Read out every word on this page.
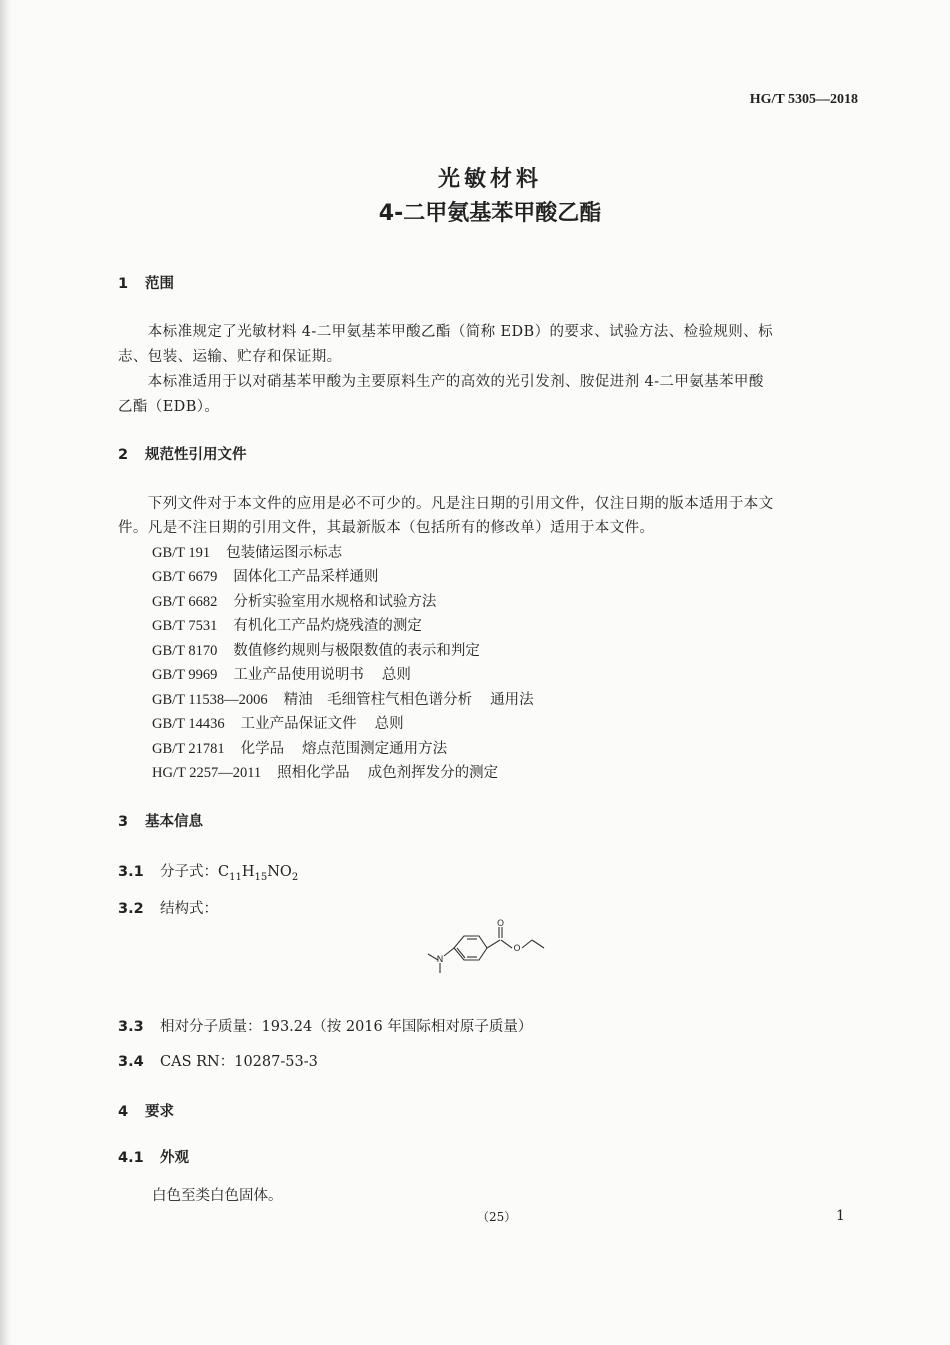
HG/T 5305—2018
光敏材料
4-二甲氨基苯甲酸乙酯
1 范围
　　本标准规定了光敏材料 4-二甲氨基苯甲酸乙酯（简称 EDB）的要求、试验方法、检验规则、标
志、包装、运输、贮存和保证期。
　　本标准适用于以对硝基苯甲酸为主要原料生产的高效的光引发剂、胺促进剂 4-二甲氨基苯甲酸
乙酯（EDB）。
2 规范性引用文件
　　下列文件对于本文件的应用是必不可少的。凡是注日期的引用文件，仅注日期的版本适用于本文
件。凡是不注日期的引用文件，其最新版本（包括所有的修改单）适用于本文件。
GB/T 191 包装储运图示标志
GB/T 6679 固体化工产品采样通则
GB/T 6682 分析实验室用水规格和试验方法
GB/T 7531 有机化工产品灼烧残渣的测定
GB/T 8170 数值修约规则与极限数值的表示和判定
GB/T 9969 工业产品使用说明书 总则
GB/T 11538—2006 精油　毛细管柱气相色谱分析 通用法
GB/T 14436 工业产品保证文件 总则
GB/T 21781 化学品 熔点范围测定通用方法
HG/T 2257—2011 照相化学品 成色剂挥发分的测定
3 基本信息
3.1 分子式：$C_{11}H_{15}NO_2$
3.2 结构式：
O
O
N
3.3 相对分子质量：193.24（按 2016 年国际相对原子质量）
3.4 CAS RN：10287-53-3
4 要求
4.1 外观
白色至类白色固体。
（25）	1
